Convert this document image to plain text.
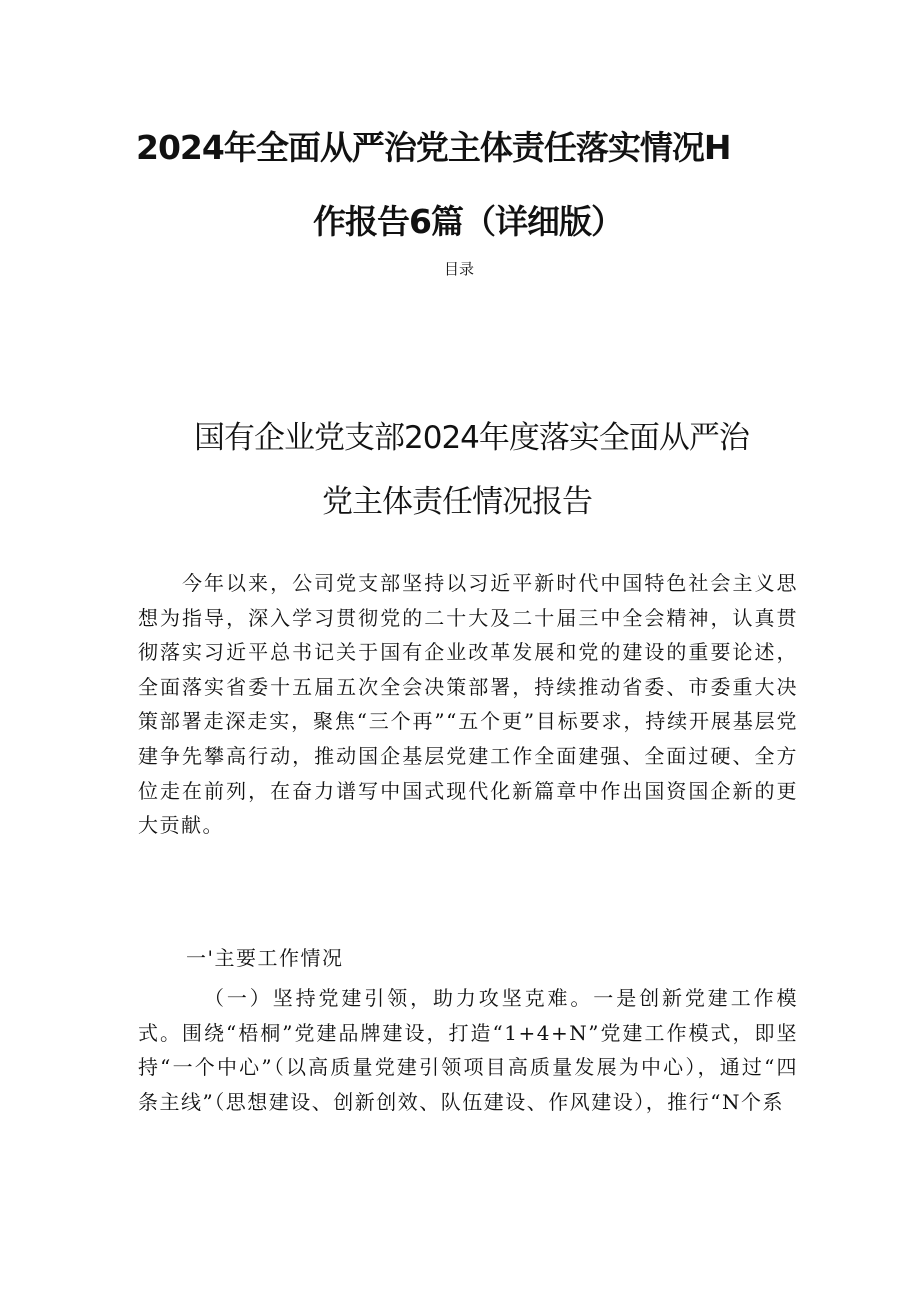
2024年全面从严治党主体责任落实情况H
作报告6篇（详细版）
目录
国有企业党支部2024年度落实全面从严治
党主体责任情况报告
今年以来，公司党支部坚持以习近平新时代中国特色社会主义思想为指导，深入学习贯彻党的二十大及二十届三中全会精神，认真贯彻落实习近平总书记关于国有企业改革发展和党的建设的重要论述，全面落实省委十五届五次全会决策部署，持续推动省委、市委重大决策部署走深走实，聚焦“三个再”“五个更”目标要求，持续开展基层党建争先攀高行动，推动国企基层党建工作全面建强、全面过硬、全方位走在前列，在奋力谱写中国式现代化新篇章中作出国资国企新的更大贡献。
一'主要工作情况
（一）坚持党建引领，助力攻坚克难。一是创新党建工作模式。围绕“梧桐”党建品牌建设，打造“1+4+N”党建工作模式，即坚持“一个中心”（以高质量党建引领项目高质量发展为中心），通过“四条主线”（思想建设、创新创效、队伍建设、作风建设），推行“N个系
